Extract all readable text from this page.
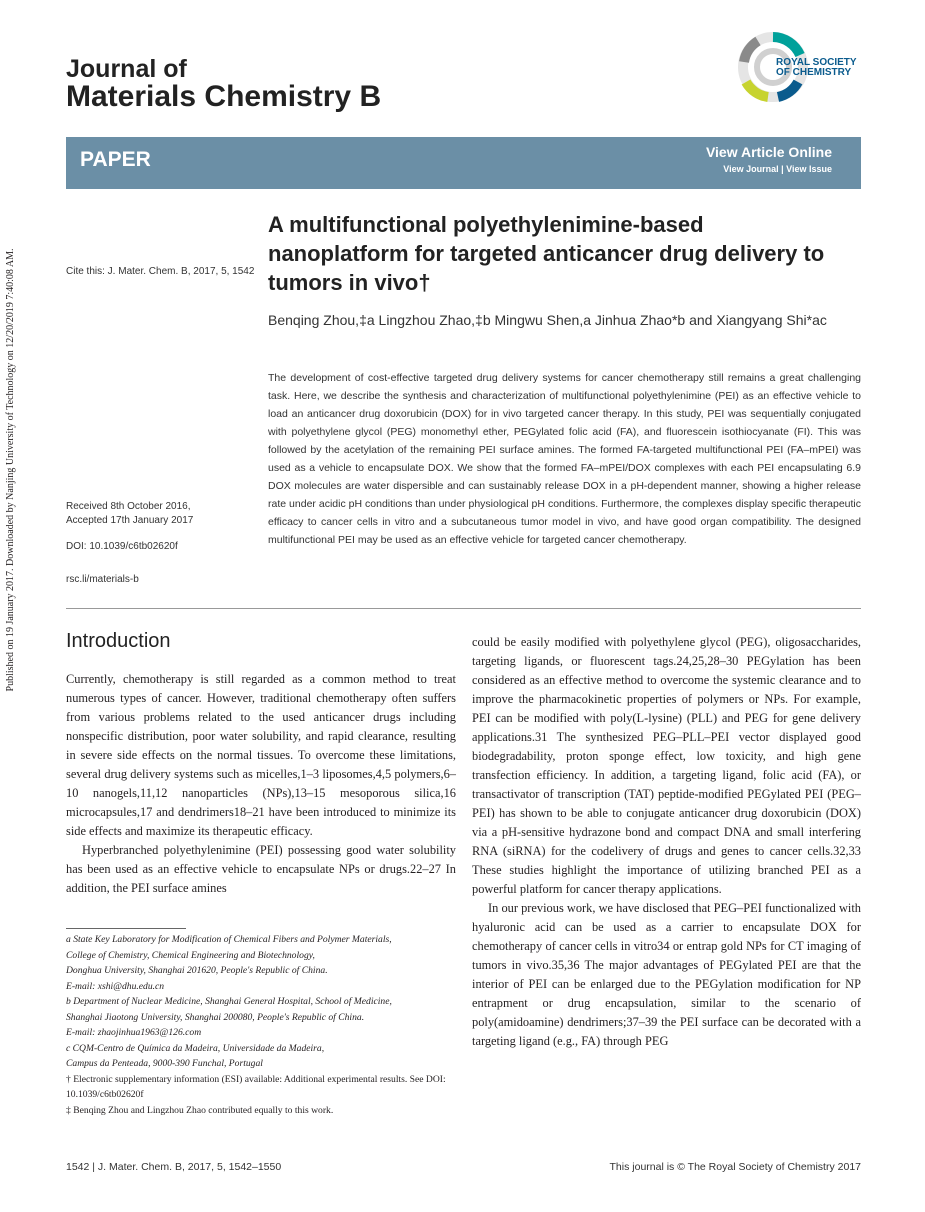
Published on 19 January 2017. Downloaded by Nanjing University of Technology on 12/20/2019 7:40:08 AM.
Journal of
Materials Chemistry B
ROYAL SOCIETY
OF CHEMISTRY
PAPER	View Article Online
View Journal | View Issue
A multifunctional polyethylenimine-based nanoplatform for targeted anticancer drug delivery to tumors in vivo†
Benqing Zhou,‡a Lingzhou Zhao,‡b Mingwu Shen,a Jinhua Zhao*b and Xiangyang Shi*ac
Cite this: J. Mater. Chem. B, 2017, 5, 1542
Received 8th October 2016,
Accepted 17th January 2017
DOI: 10.1039/c6tb02620f
rsc.li/materials-b
The development of cost-effective targeted drug delivery systems for cancer chemotherapy still remains a great challenging task. Here, we describe the synthesis and characterization of multifunctional polyethylenimine (PEI) as an effective vehicle to load an anticancer drug doxorubicin (DOX) for in vivo targeted cancer therapy. In this study, PEI was sequentially conjugated with polyethylene glycol (PEG) monomethyl ether, PEGylated folic acid (FA), and fluorescein isothiocyanate (FI). This was followed by the acetylation of the remaining PEI surface amines. The formed FA-targeted multifunctional PEI (FA–mPEI) was used as a vehicle to encapsulate DOX. We show that the formed FA–mPEI/DOX complexes with each PEI encapsulating 6.9 DOX molecules are water dispersible and can sustainably release DOX in a pH-dependent manner, showing a higher release rate under acidic pH conditions than under physiological pH conditions. Furthermore, the complexes display specific therapeutic efficacy to cancer cells in vitro and a subcutaneous tumor model in vivo, and have good organ compatibility. The designed multifunctional PEI may be used as an effective vehicle for targeted cancer chemotherapy.
Introduction

Currently, chemotherapy is still regarded as a common method to treat numerous types of cancer. However, traditional chemotherapy often suffers from various problems related to the used anticancer drugs including nonspecific distribution, poor water solubility, and rapid clearance, resulting in severe side effects on the normal tissues. To overcome these limitations, several drug delivery systems such as micelles,1–3 liposomes,4,5 polymers,6–10 nanogels,11,12 nanoparticles (NPs),13–15 mesoporous silica,16 microcapsules,17 and dendrimers18–21 have been introduced to minimize its side effects and maximize its therapeutic efficacy.

Hyperbranched polyethylenimine (PEI) possessing good water solubility has been used as an effective vehicle to encapsulate NPs or drugs.22–27 In addition, the PEI surface amines

a State Key Laboratory for Modification of Chemical Fibers and Polymer Materials,

College of Chemistry, Chemical Engineering and Biotechnology,

Donghua University, Shanghai 201620, People's Republic of China.

E-mail: xshi@dhu.edu.cn

b Department of Nuclear Medicine, Shanghai General Hospital, School of Medicine,

Shanghai Jiaotong University, Shanghai 200080, People's Republic of China.

E-mail: zhaojinhua1963@126.com

c CQM-Centro de Química da Madeira, Universidade da Madeira,

Campus da Penteada, 9000-390 Funchal, Portugal

† Electronic supplementary information (ESI) available: Additional experimental results. See DOI: 10.1039/c6tb02620f

‡ Benqing Zhou and Lingzhou Zhao contributed equally to this work.

could be easily modified with polyethylene glycol (PEG), oligosaccharides, targeting ligands, or fluorescent tags.24,25,28–30 PEGylation has been considered as an effective method to overcome the systemic clearance and to improve the pharmacokinetic properties of polymers or NPs. For example, PEI can be modified with poly(L-lysine) (PLL) and PEG for gene delivery applications.31 The synthesized PEG–PLL–PEI vector displayed good biodegradability, proton sponge effect, low toxicity, and high gene transfection efficiency. In addition, a targeting ligand, folic acid (FA), or transactivator of transcription (TAT) peptide-modified PEGylated PEI (PEG–PEI) has shown to be able to conjugate anticancer drug doxorubicin (DOX) via a pH-sensitive hydrazone bond and compact DNA and small interfering RNA (siRNA) for the codelivery of drugs and genes to cancer cells.32,33 These studies highlight the importance of utilizing branched PEI as a powerful platform for cancer therapy applications.

In our previous work, we have disclosed that PEG–PEI functionalized with hyaluronic acid can be used as a carrier to encapsulate DOX for chemotherapy of cancer cells in vitro34 or entrap gold NPs for CT imaging of tumors in vivo.35,36 The major advantages of PEGylated PEI are that the interior of PEI can be enlarged due to the PEGylation modification for NP entrapment or drug encapsulation, similar to the scenario of poly(amidoamine) dendrimers;37–39 the PEI surface can be decorated with a targeting ligand (e.g., FA) through PEG

1542 | J. Mater. Chem. B, 2017, 5, 1542–1550	This journal is © The Royal Society of Chemistry 2017
